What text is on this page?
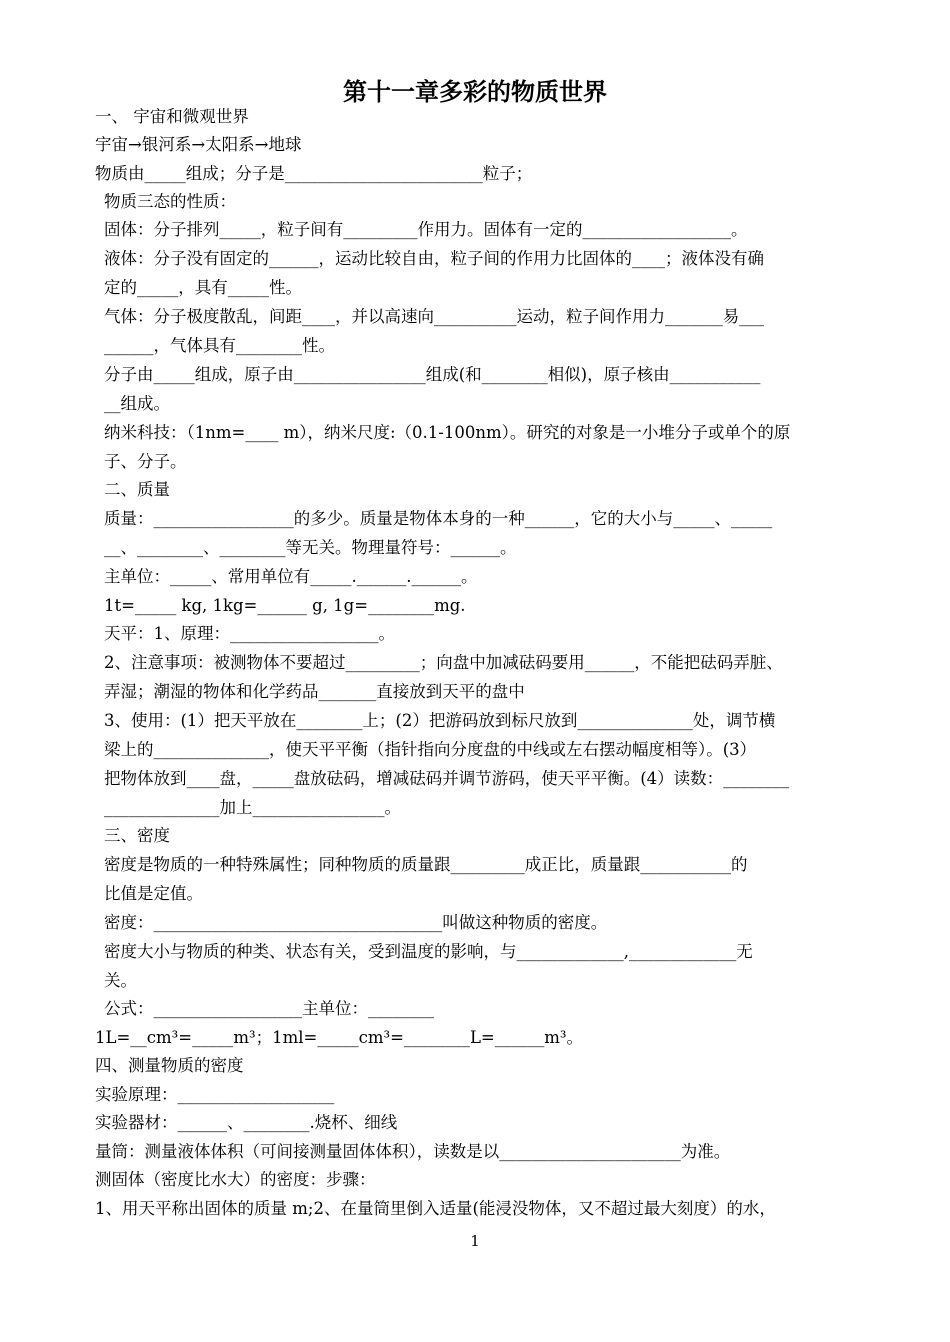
第十一章多彩的物质世界
一、 宇宙和微观世界
宇宙→银河系→太阳系→地球
物质由_____组成；分子是________________________粒子；
物质三态的性质：
固体：分子排列_____，粒子间有_________作用力。固体有一定的__________________。
液体：分子没有固定的______，运动比较自由，粒子间的作用力比固体的____；液体没有确
定的_____，具有_____性。
气体：分子极度散乱，间距____，并以高速向__________运动，粒子间作用力_______易___
______，气体具有________性。
分子由_____组成，原子由________________组成(和________相似)，原子核由___________
__组成。
纳米科技：（1nm=____ m），纳米尺度:（0.1-100nm）。研究的对象是一小堆分子或单个的原
子、分子。
二、质量
质量：_________________的多少。质量是物体本身的一种______，它的大小与_____、_____
__、________、________等无关。物理量符号：______。
主单位：_____、常用单位有_____.______.______。
1t=_____ kg, 1kg=______ g, 1g=________mg.
天平：1、原理：__________________。
2、注意事项：被测物体不要超过_________；向盘中加减砝码要用______，不能把砝码弄脏、
弄湿；潮湿的物体和化学药品_______直接放到天平的盘中
3、使用：(1）把天平放在________上；(2）把游码放到标尺放到______________处，调节横
梁上的______________，使天平平衡（指针指向分度盘的中线或左右摆动幅度相等）。(3）
把物体放到____盘，_____盘放砝码，增减砝码并调节游码，使天平平衡。(4）读数：________
______________加上________________。
三、密度
密度是物质的一种特殊属性；同种物质的质量跟_________成正比，质量跟___________的
比值是定值。
密度：___________________________________叫做这种物质的密度。
密度大小与物质的种类、状态有关，受到温度的影响，与_____________,_____________无
关。
公式：__________________主单位：________
1L=__cm³=_____m³；1ml=_____cm³=________L=______m³。
四、测量物质的密度
实验原理：___________________
实验器材：______、________.烧杯、细线
量筒：测量液体体积（可间接测量固体体积），读数是以______________________为准。
测固体（密度比水大）的密度：步骤：
1、用天平称出固体的质量 m;2、在量筒里倒入适量(能浸没物体，又不超过最大刻度）的水，
1
